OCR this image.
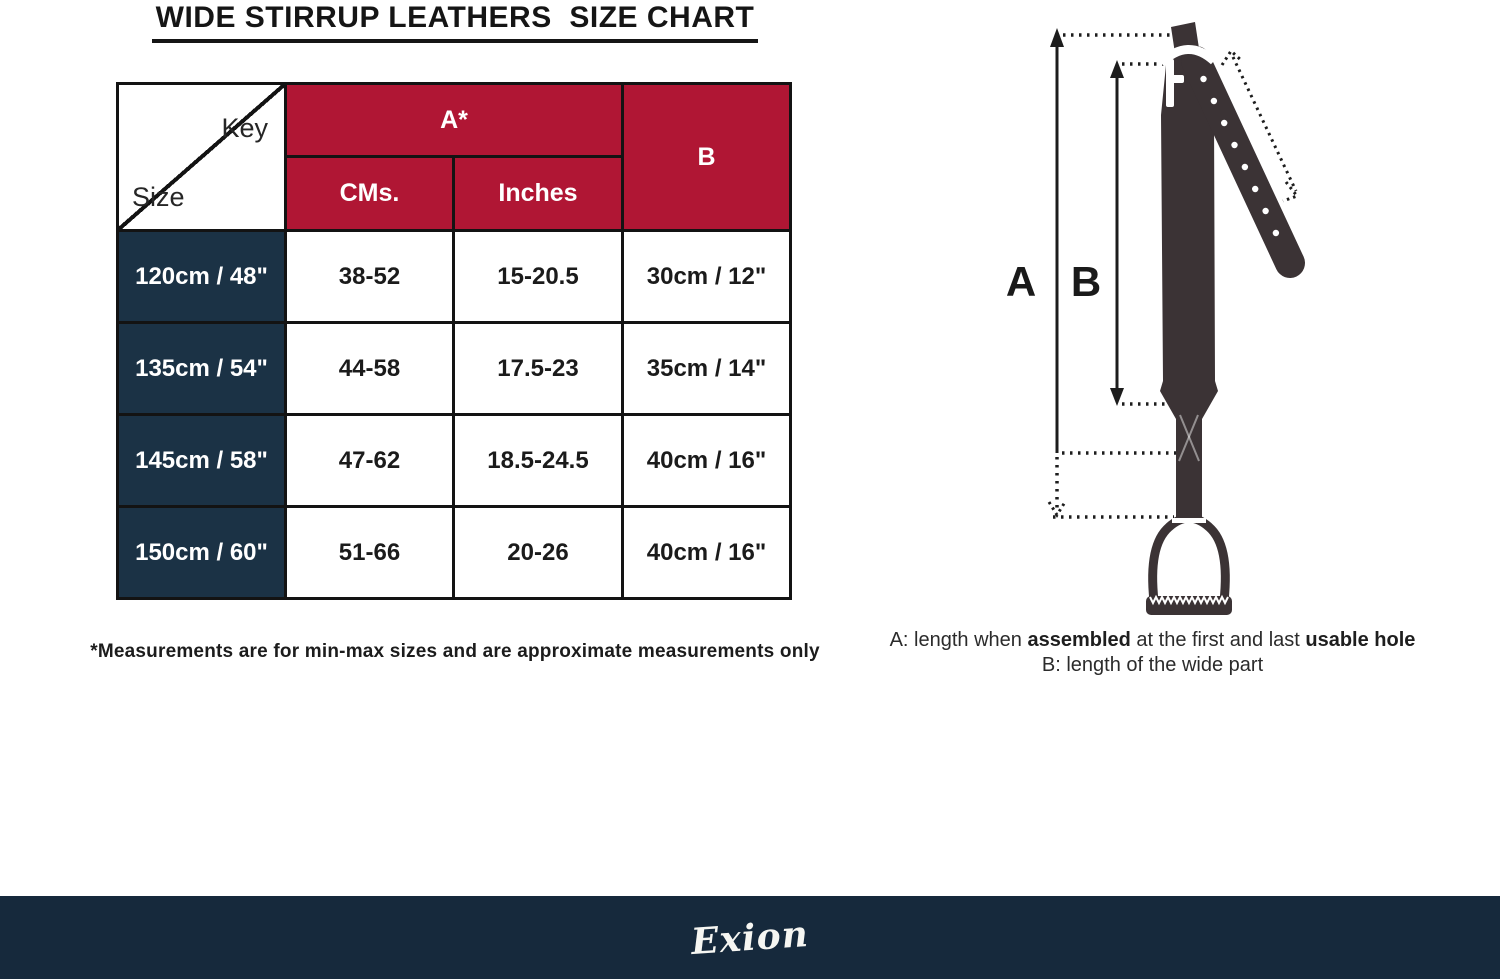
WIDE STIRRUP LEATHERS  SIZE CHART
Key
Size
A*
B
CMs.	Inches
120cm / 48"	38-52	15-20.5	30cm / 12"
135cm / 54"	44-58	17.5-23	35cm / 14"
145cm / 58"	47-62	18.5-24.5	40cm / 16"
150cm / 60"	51-66	20-26	40cm / 16"
*Measurements are for min-max sizes and are approximate measurements only
A B
A: length when assembled at the first and last usable hole
B: length of the wide part
Exion
